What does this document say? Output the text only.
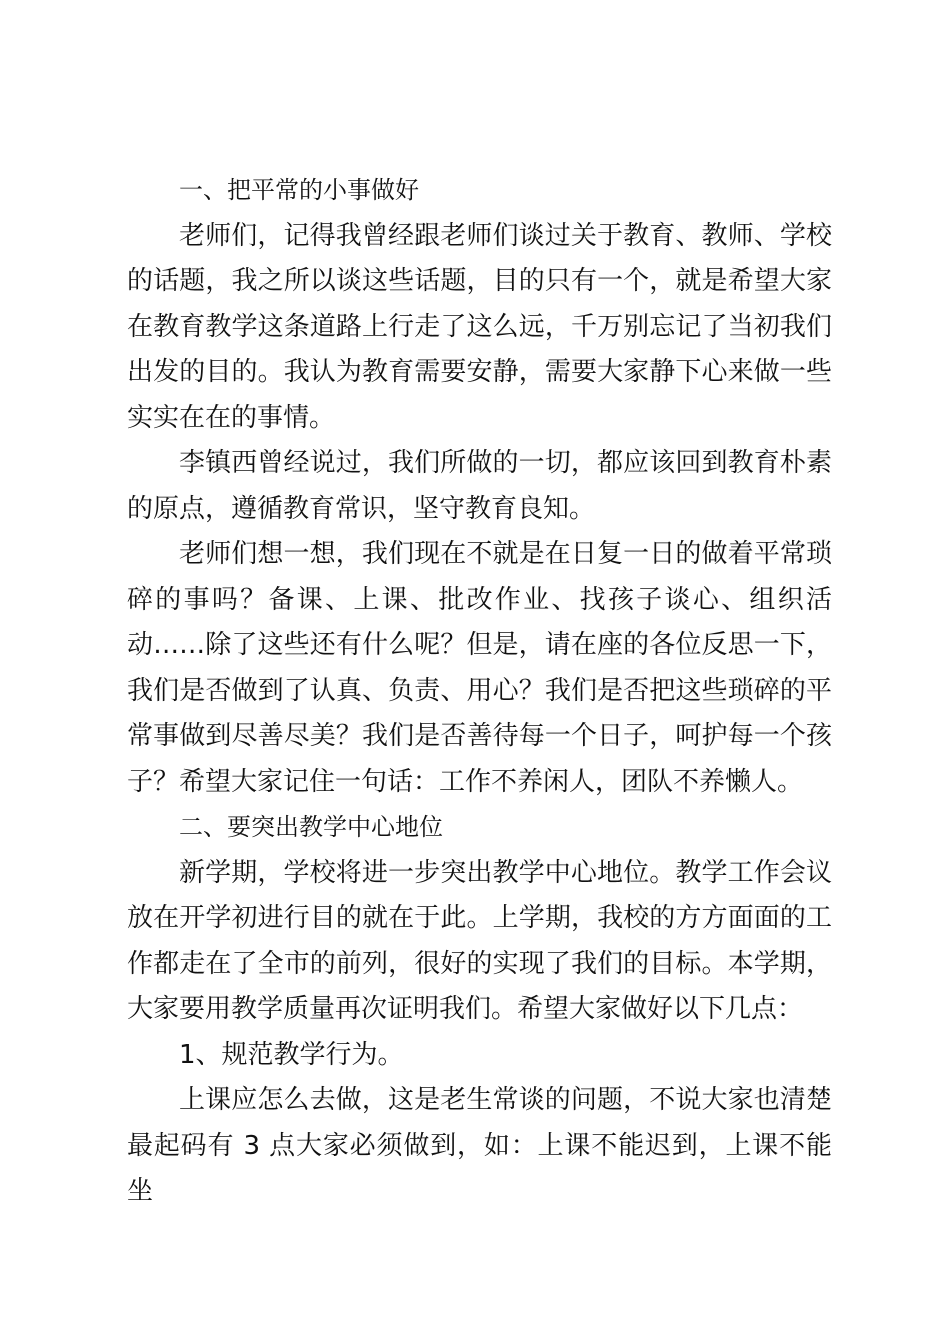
一、把平常的小事做好

老师们，记得我曾经跟老师们谈过关于教育、教师、学校的话题，我之所以谈这些话题，目的只有一个，就是希望大家在教育教学这条道路上行走了这么远，千万别忘记了当初我们出发的目的。我认为教育需要安静，需要大家静下心来做一些实实在在的事情。

李镇西曾经说过，我们所做的一切，都应该回到教育朴素的原点，遵循教育常识，坚守教育良知。

老师们想一想，我们现在不就是在日复一日的做着平常琐碎的事吗？备课、上课、批改作业、找孩子谈心、组织活动……除了这些还有什么呢？但是，请在座的各位反思一下，我们是否做到了认真、负责、用心？我们是否把这些琐碎的平常事做到尽善尽美？我们是否善待每一个日子，呵护每一个孩子？希望大家记住一句话：工作不养闲人，团队不养懒人。

二、要突出教学中心地位

新学期，学校将进一步突出教学中心地位。教学工作会议放在开学初进行目的就在于此。上学期，我校的方方面面的工作都走在了全市的前列，很好的实现了我们的目标。本学期，大家要用教学质量再次证明我们。希望大家做好以下几点：

1、规范教学行为。

上课应怎么去做，这是老生常谈的问题，不说大家也清楚最起码有 3 点大家必须做到，如：上课不能迟到，上课不能坐
